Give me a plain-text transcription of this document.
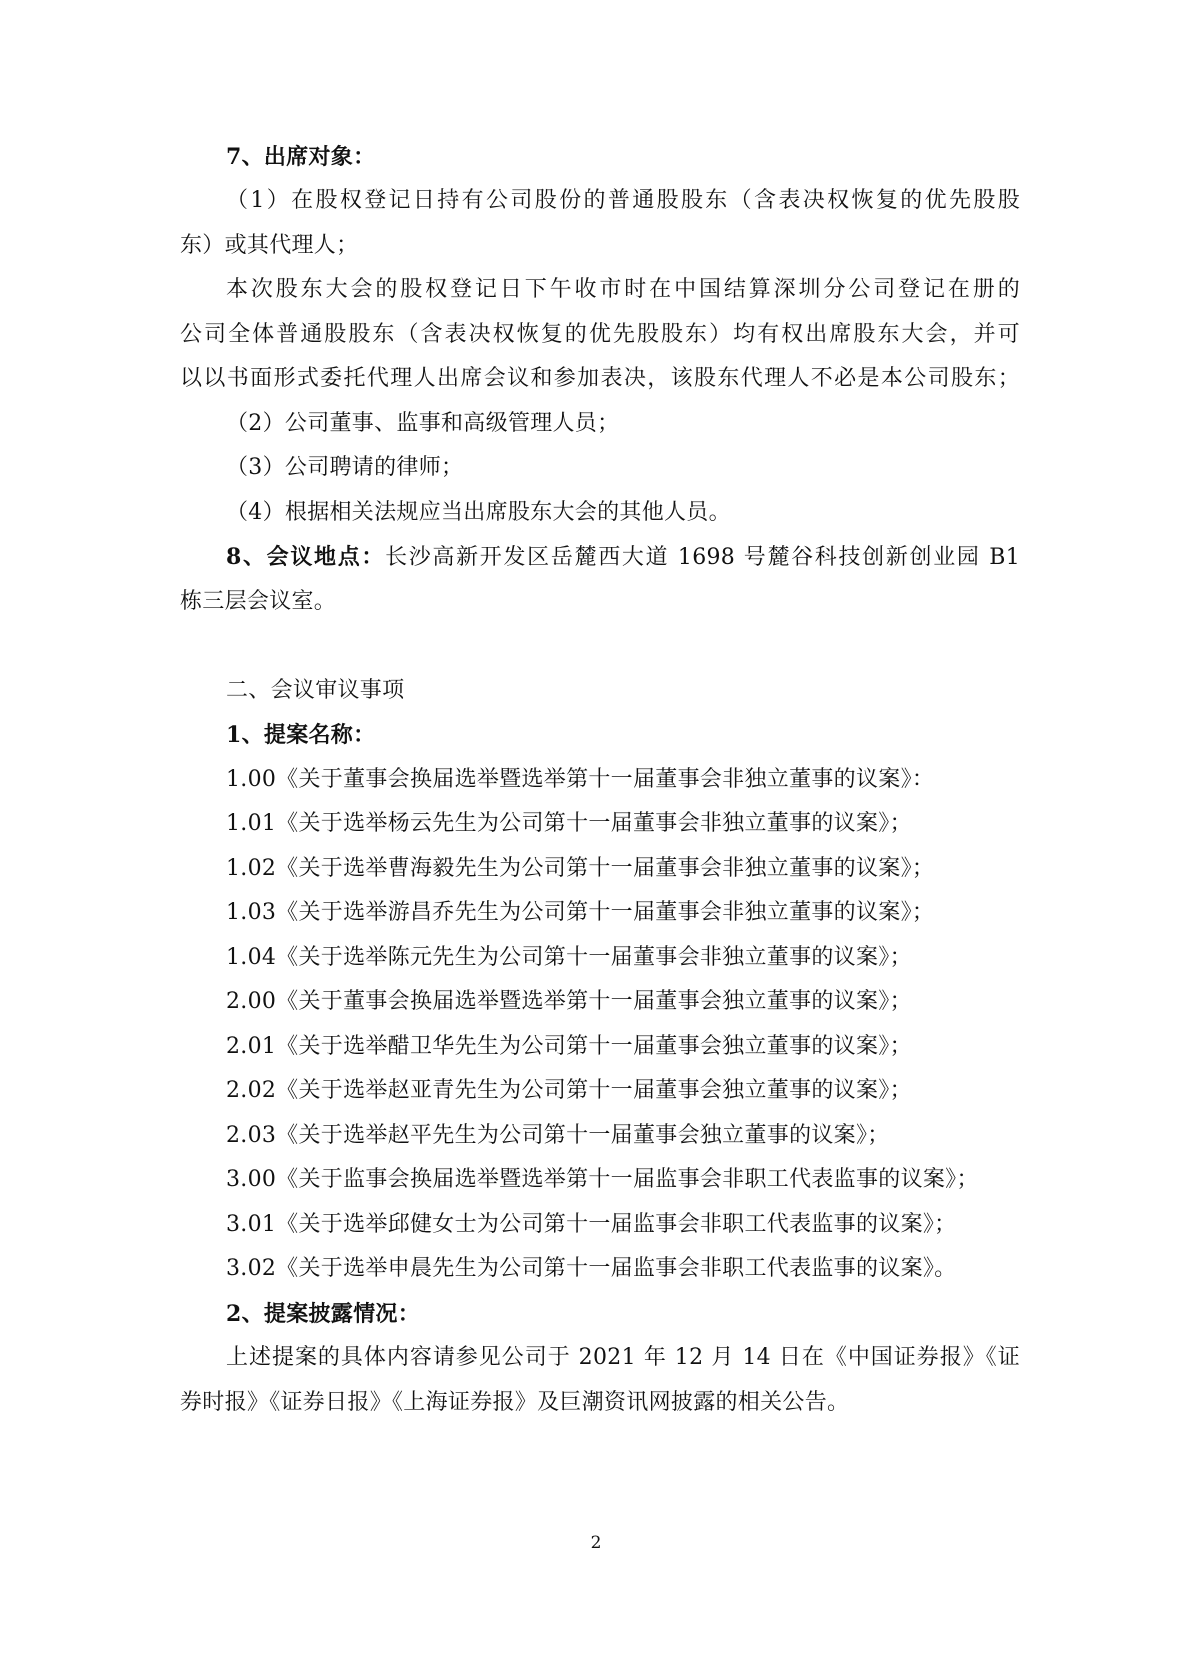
7、出席对象：
（1）在股权登记日持有公司股份的普通股股东（含表决权恢复的优先股股
东）或其代理人；
本次股东大会的股权登记日下午收市时在中国结算深圳分公司登记在册的
公司全体普通股股东（含表决权恢复的优先股股东）均有权出席股东大会，并可
以以书面形式委托代理人出席会议和参加表决，该股东代理人不必是本公司股东；
（2）公司董事、监事和高级管理人员；
（3）公司聘请的律师；
（4）根据相关法规应当出席股东大会的其他人员。
8、会议地点：长沙高新开发区岳麓西大道 1698 号麓谷科技创新创业园 B1
栋三层会议室。
二、会议审议事项
1、提案名称：
1.00《关于董事会换届选举暨选举第十一届董事会非独立董事的议案》：
1.01《关于选举杨云先生为公司第十一届董事会非独立董事的议案》；
1.02《关于选举曹海毅先生为公司第十一届董事会非独立董事的议案》；
1.03《关于选举游昌乔先生为公司第十一届董事会非独立董事的议案》；
1.04《关于选举陈元先生为公司第十一届董事会非独立董事的议案》；
2.00《关于董事会换届选举暨选举第十一届董事会独立董事的议案》；
2.01《关于选举醋卫华先生为公司第十一届董事会独立董事的议案》；
2.02《关于选举赵亚青先生为公司第十一届董事会独立董事的议案》；
2.03《关于选举赵平先生为公司第十一届董事会独立董事的议案》；
3.00《关于监事会换届选举暨选举第十一届监事会非职工代表监事的议案》；
3.01《关于选举邱健女士为公司第十一届监事会非职工代表监事的议案》；
3.02《关于选举申晨先生为公司第十一届监事会非职工代表监事的议案》。
2、提案披露情况：
上述提案的具体内容请参见公司于 2021 年 12 月 14 日在《中国证券报》《证
券时报》《证券日报》《上海证券报》及巨潮资讯网披露的相关公告。
2
